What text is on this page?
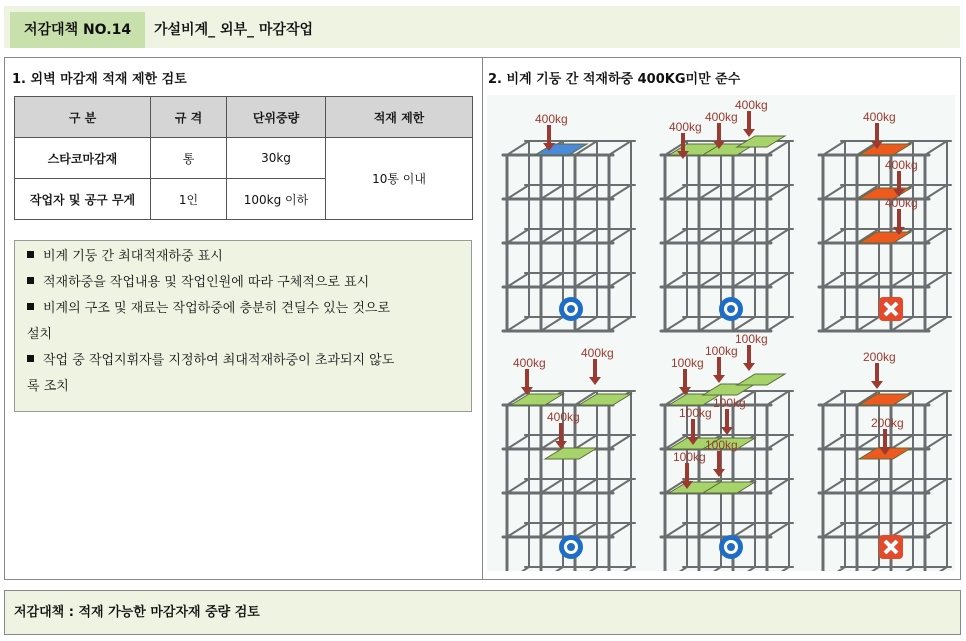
저감대책 NO.14	가설비계_ 외부_ 마감작업
1. 외벽 마감재 적재 제한 검토
구 분	규 격	단위중량	적재 제한
스타코마감재	통	30kg	10통 이내
작업자 및 공구 무게	1인	100kg 이하	
비계 기둥 간 최대적재하중 표시
적재하중을 작업내용 및 작업인원에 따라 구체적으로 표시
비계의 구조 및 재료는 작업하중에 충분히 견딜수 있는 것으로
설치
작업 중 작업지휘자를 지정하여 최대적재하중이 초과되지 않도
록 조치
2. 비계 기둥 간 적재하중 400KG미만 준수
400kg
400kg
400kg
400kg
400kg
400kg
400kg
400kg
400kg
400kg
100kg
100kg
100kg
100kg
100kg
100kg
100kg
200kg
200kg
저감대책 : 적재 가능한 마감자재 중량 검토
